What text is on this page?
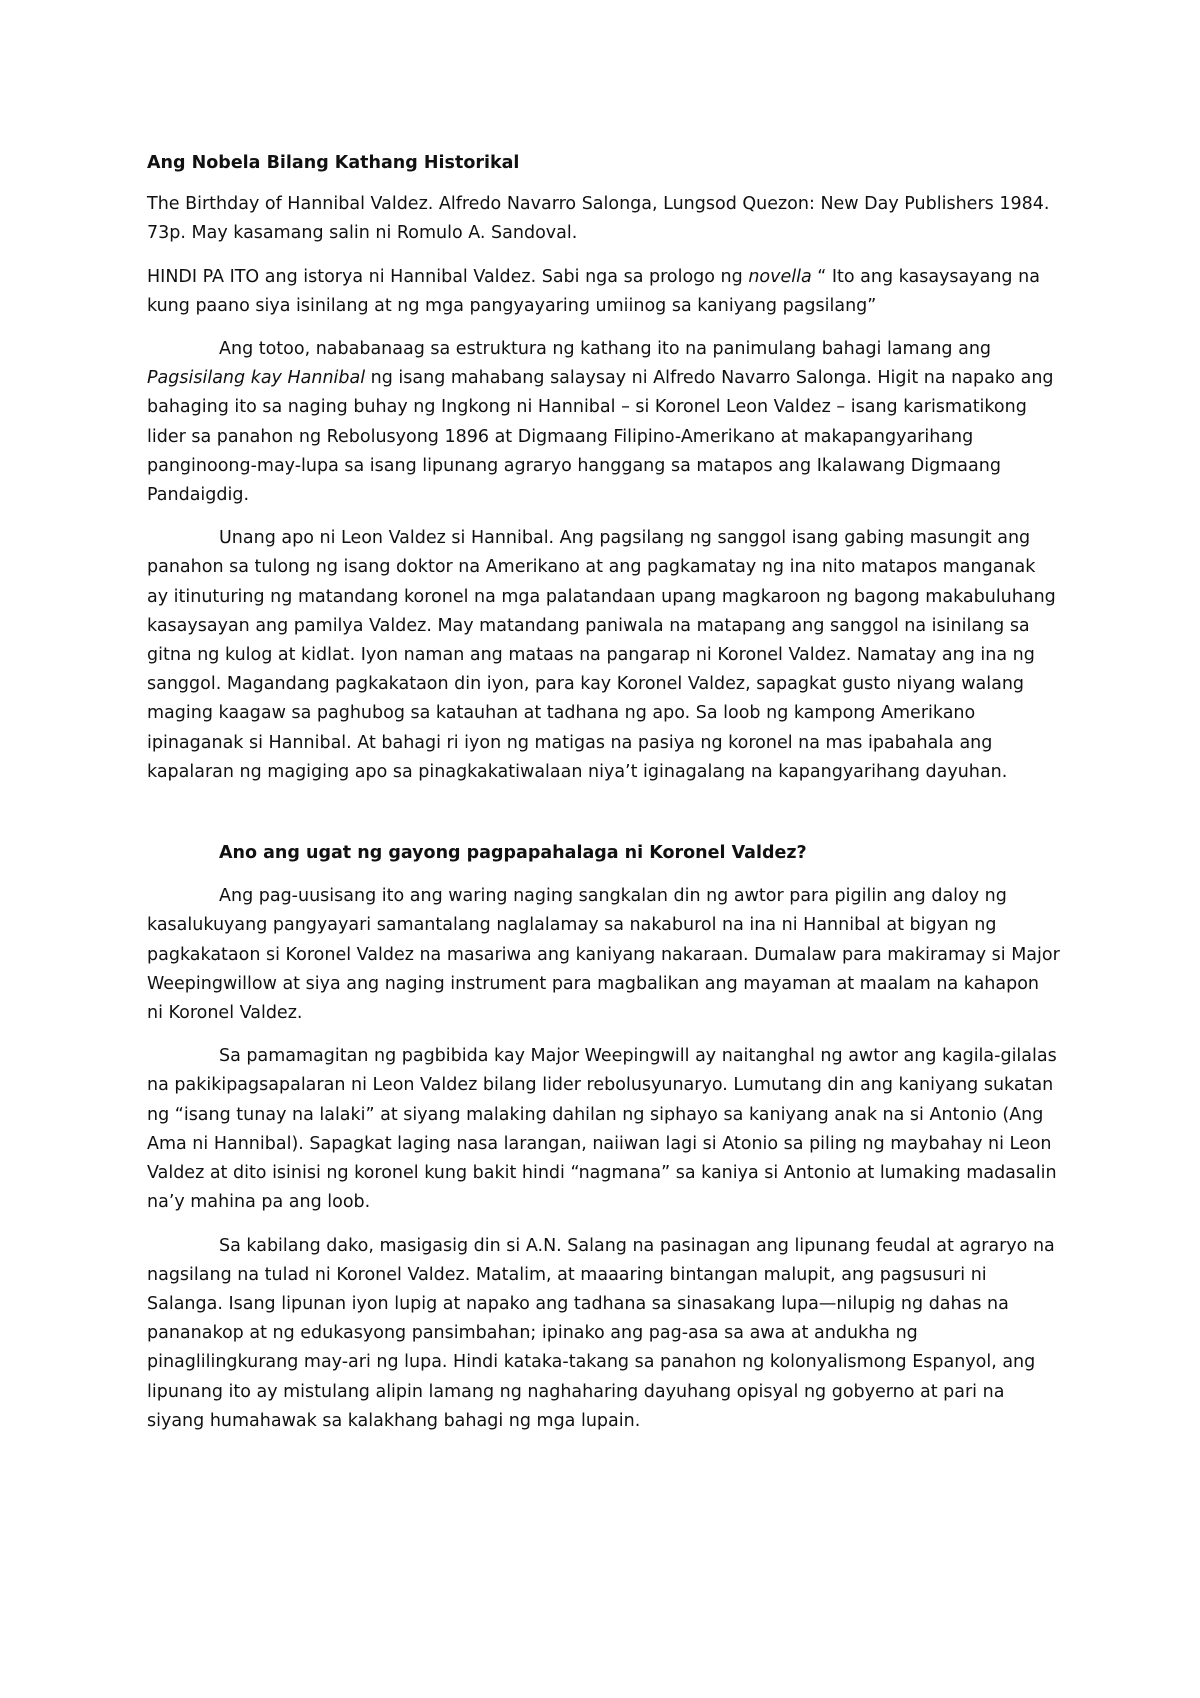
Ang Nobela Bilang Kathang Historikal

The Birthday of Hannibal Valdez. Alfredo Navarro Salonga, Lungsod Quezon: New Day Publishers 1984. 73p. May kasamang salin ni Romulo A. Sandoval.

HINDI PA ITO ang istorya ni Hannibal Valdez. Sabi nga sa prologo ng novella “ Ito ang kasaysayang na kung paano siya isinilang at ng mga pangyayaring umiinog sa kaniyang pagsilang”

Ang totoo, nababanaag sa estruktura ng kathang ito na panimulang bahagi lamang ang Pagsisilang kay Hannibal ng isang mahabang salaysay ni Alfredo Navarro Salonga. Higit na napako ang bahaging ito sa naging buhay ng Ingkong ni Hannibal – si Koronel Leon Valdez – isang karismatikong lider sa panahon ng Rebolusyong 1896 at Digmaang Filipino-Amerikano at makapangyarihang panginoong-may-lupa sa isang lipunang agraryo hanggang sa matapos ang Ikalawang Digmaang Pandaigdig.

Unang apo ni Leon Valdez si Hannibal. Ang pagsilang ng sanggol isang gabing masungit ang panahon sa tulong ng isang doktor na Amerikano at ang pagkamatay ng ina nito matapos manganak ay itinuturing ng matandang koronel na mga palatandaan upang magkaroon ng bagong makabuluhang kasaysayan ang pamilya Valdez. May matandang paniwala na matapang ang sanggol na isinilang sa gitna ng kulog at kidlat. Iyon naman ang mataas na pangarap ni Koronel Valdez. Namatay ang ina ng sanggol. Magandang pagkakataon din iyon, para kay Koronel Valdez, sapagkat gusto niyang walang maging kaagaw sa paghubog sa katauhan at tadhana ng apo. Sa loob ng kampong Amerikano ipinaganak si Hannibal. At bahagi ri iyon ng matigas na pasiya ng koronel na mas ipabahala ang kapalaran ng magiging apo sa pinagkakatiwalaan niya’t iginagalang na kapangyarihang dayuhan.

Ano ang ugat ng gayong pagpapahalaga ni Koronel Valdez?

Ang pag-uusisang ito ang waring naging sangkalan din ng awtor para pigilin ang daloy ng kasalukuyang pangyayari samantalang naglalamay sa nakaburol na ina ni Hannibal at bigyan ng pagkakataon si Koronel Valdez na masariwa ang kaniyang nakaraan. Dumalaw para makiramay si Major Weepingwillow at siya ang naging instrument para magbalikan ang mayaman at maalam na kahapon ni Koronel Valdez.

Sa pamamagitan ng pagbibida kay Major Weepingwill ay naitanghal ng awtor ang kagila-gilalas na pakikipagsapalaran ni Leon Valdez bilang lider rebolusyunaryo. Lumutang din ang kaniyang sukatan ng “isang tunay na lalaki” at siyang malaking dahilan ng siphayo sa kaniyang anak na si Antonio (Ang Ama ni Hannibal). Sapagkat laging nasa larangan, naiiwan lagi si Atonio sa piling ng maybahay ni Leon Valdez at dito isinisi ng koronel kung bakit hindi “nagmana” sa kaniya si Antonio at lumaking madasalin na’y mahina pa ang loob.

Sa kabilang dako, masigasig din si A.N. Salang na pasinagan ang lipunang feudal at agraryo na nagsilang na tulad ni Koronel Valdez. Matalim, at maaaring bintangan malupit, ang pagsusuri ni Salanga. Isang lipunan iyon lupig at napako ang tadhana sa sinasakang lupa—nilupig ng dahas na pananakop at ng edukasyong pansimbahan; ipinako ang pag-asa sa awa at andukha ng pinaglilingkurang may-ari ng lupa. Hindi kataka-takang sa panahon ng kolonyalismong Espanyol, ang lipunang ito ay mistulang alipin lamang ng naghaharing dayuhang opisyal ng gobyerno at pari na siyang humahawak sa kalakhang bahagi ng mga lupain.
